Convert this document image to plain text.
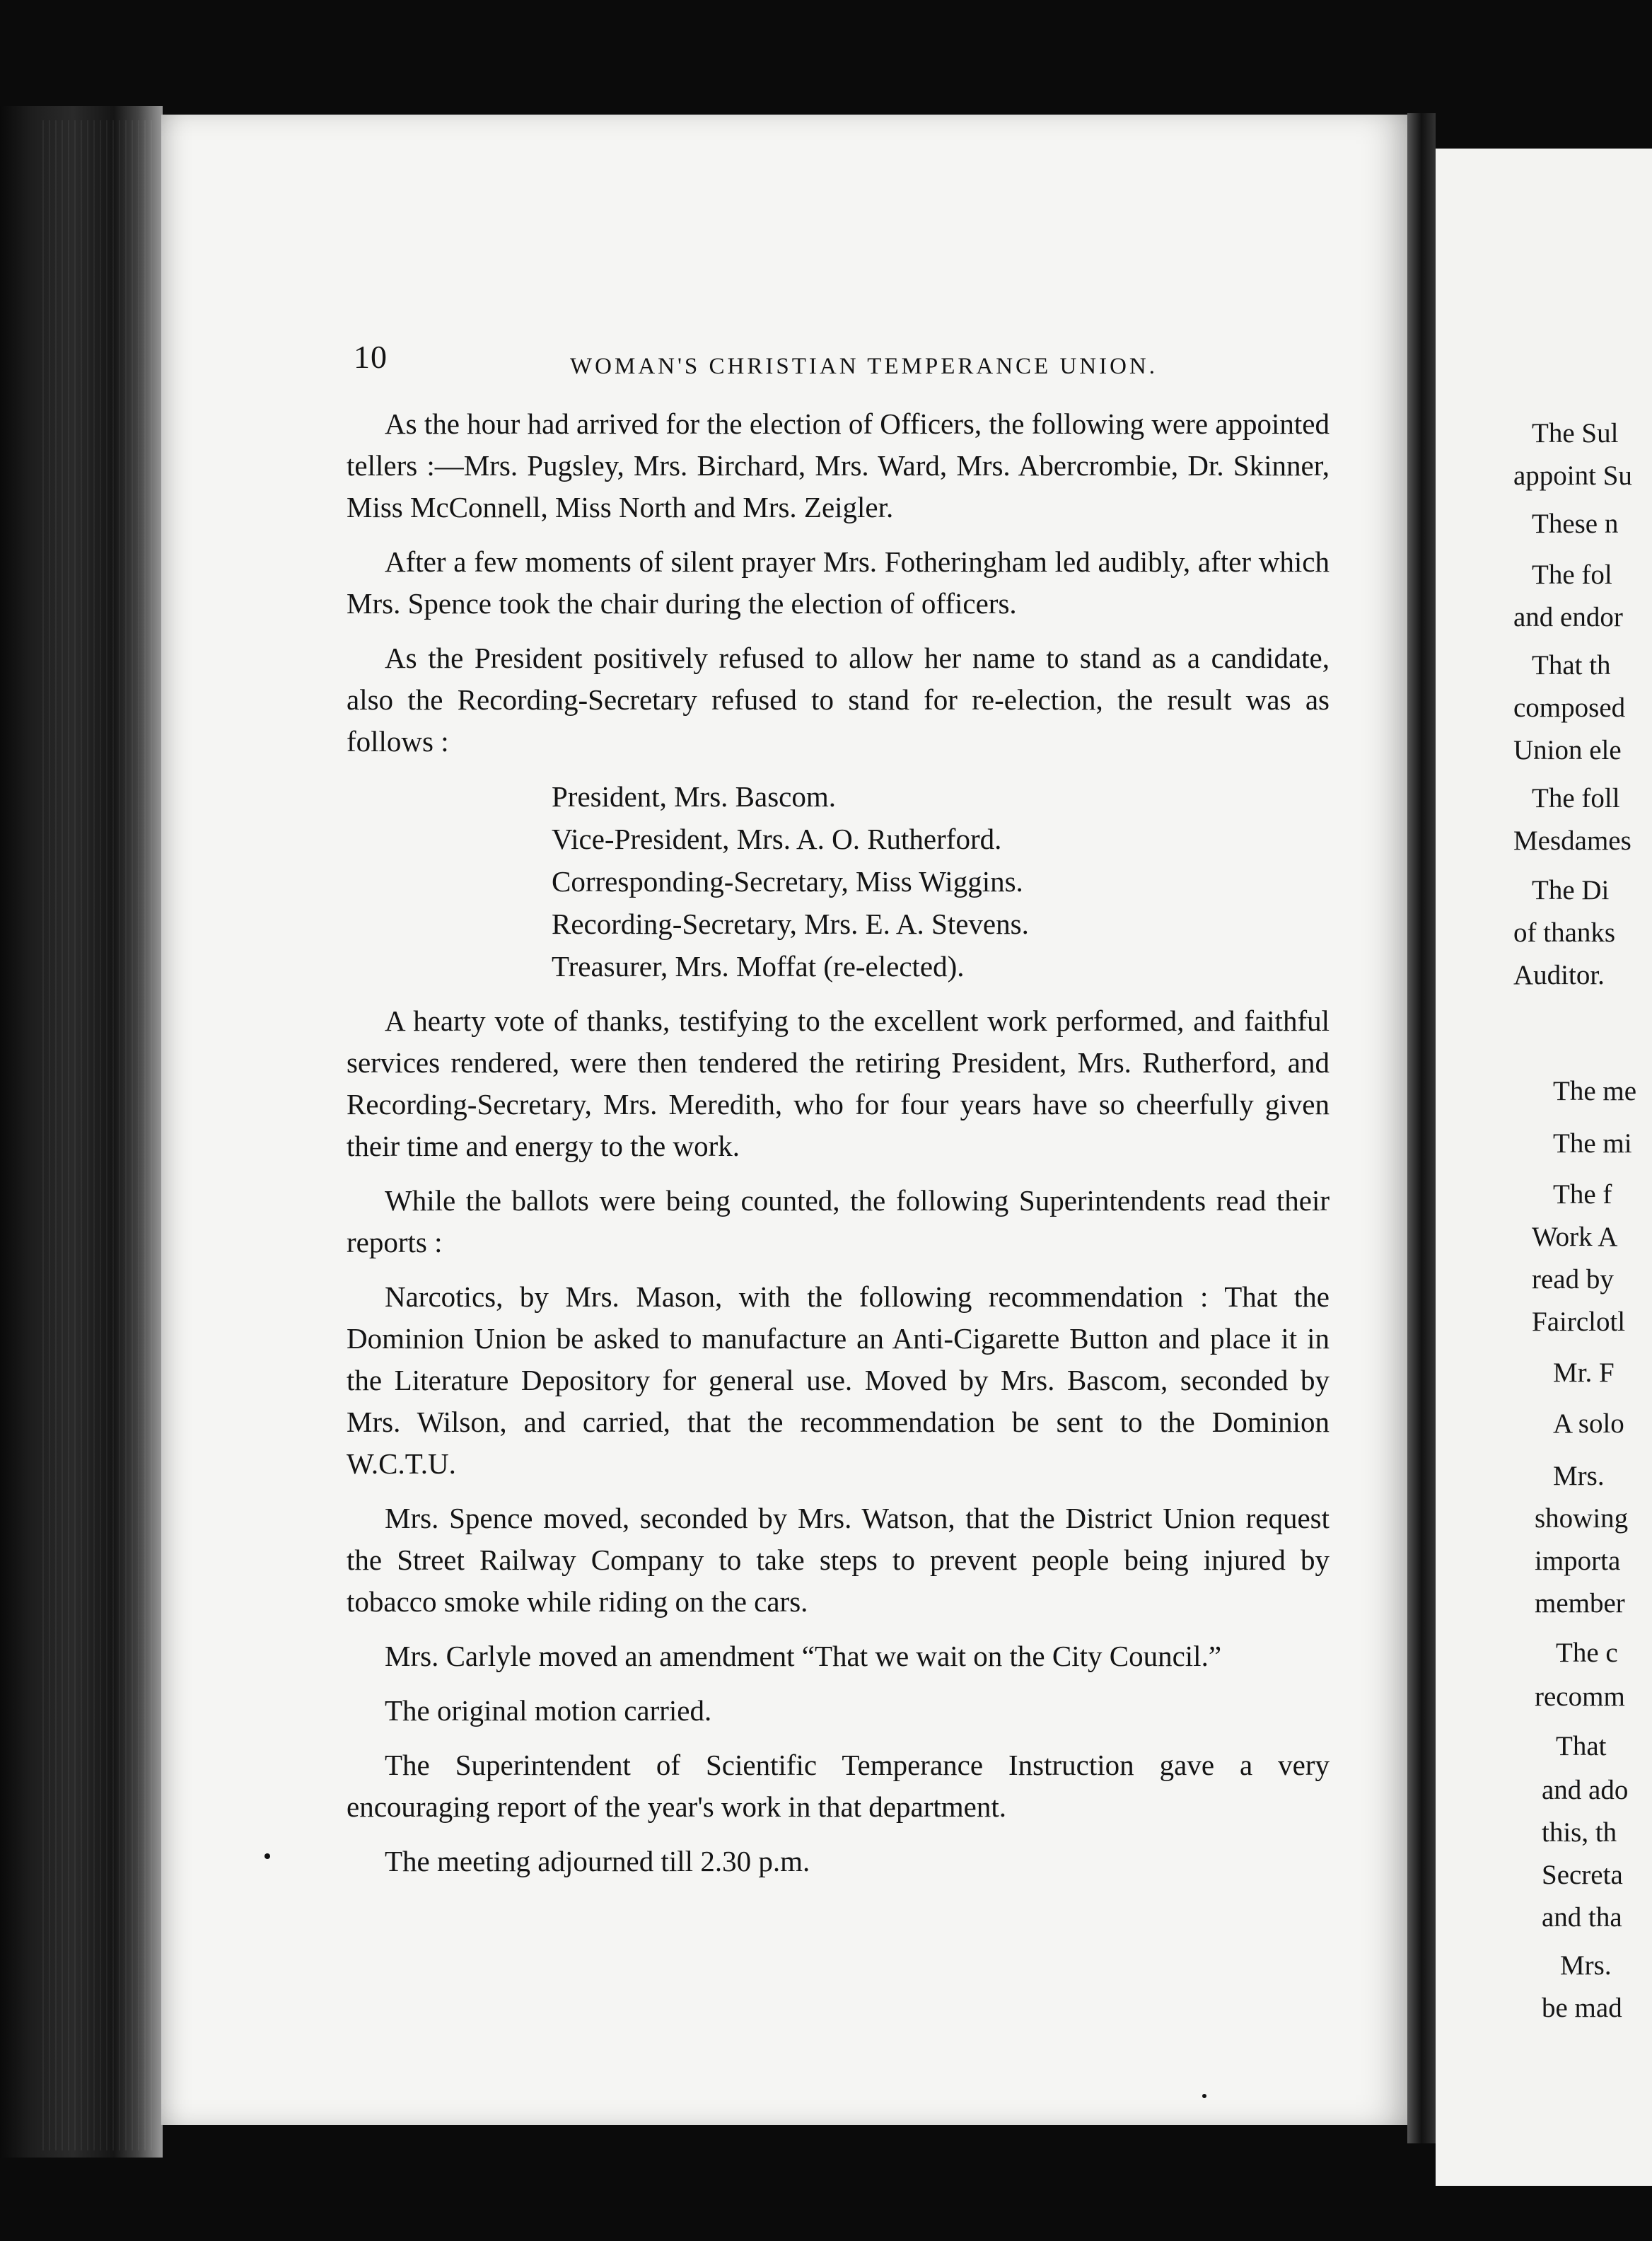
10	WOMAN'S CHRISTIAN TEMPERANCE UNION.

As the hour had arrived for the election of Officers, the following were appointed tellers :—Mrs. Pugsley, Mrs. Birchard, Mrs. Ward, Mrs. Abercrombie, Dr. Skinner, Miss McConnell, Miss North and Mrs. Zeigler.

After a few moments of silent prayer Mrs. Fotheringham led audibly, after which Mrs. Spence took the chair during the election of officers.

As the President positively refused to allow her name to stand as a candidate, also the Recording-Secretary refused to stand for re-election, the result was as follows :

President, Mrs. Bascom.
Vice-President, Mrs. A. O. Rutherford.
Corresponding-Secretary, Miss Wiggins.
Recording-Secretary, Mrs. E. A. Stevens.
Treasurer, Mrs. Moffat (re-elected).

A hearty vote of thanks, testifying to the excellent work performed, and faithful services rendered, were then tendered the retiring President, Mrs. Rutherford, and Recording-Secretary, Mrs. Meredith, who for four years have so cheerfully given their time and energy to the work.

While the ballots were being counted, the following Superintendents read their reports :

Narcotics, by Mrs. Mason, with the following recommendation : That the Dominion Union be asked to manufacture an Anti-Cigarette Button and place it in the Literature Depository for general use. Moved by Mrs. Bascom, seconded by Mrs. Wilson, and carried, that the recommendation be sent to the Dominion W.C.T.U.

Mrs. Spence moved, seconded by Mrs. Watson, that the District Union request the Street Railway Company to take steps to prevent people being injured by tobacco smoke while riding on the cars.

Mrs. Carlyle moved an amendment “That we wait on the City Council.”

The original motion carried.

The Superintendent of Scientific Temperance Instruction gave a very encouraging report of the year's work in that department.

The meeting adjourned till 2.30 p.m.

The Sul
appoint Su
These n
The fol
and endor
That th
composed
Union ele
The foll
Mesdames
The Di
of thanks
Auditor.
The me
The mi
The f
Work A
read by
Fairclotl
Mr. F
A solo
Mrs.
showing
importa
member
The c
recomm
That
and ado
this, th
Secreta
and tha
Mrs.
be mad
